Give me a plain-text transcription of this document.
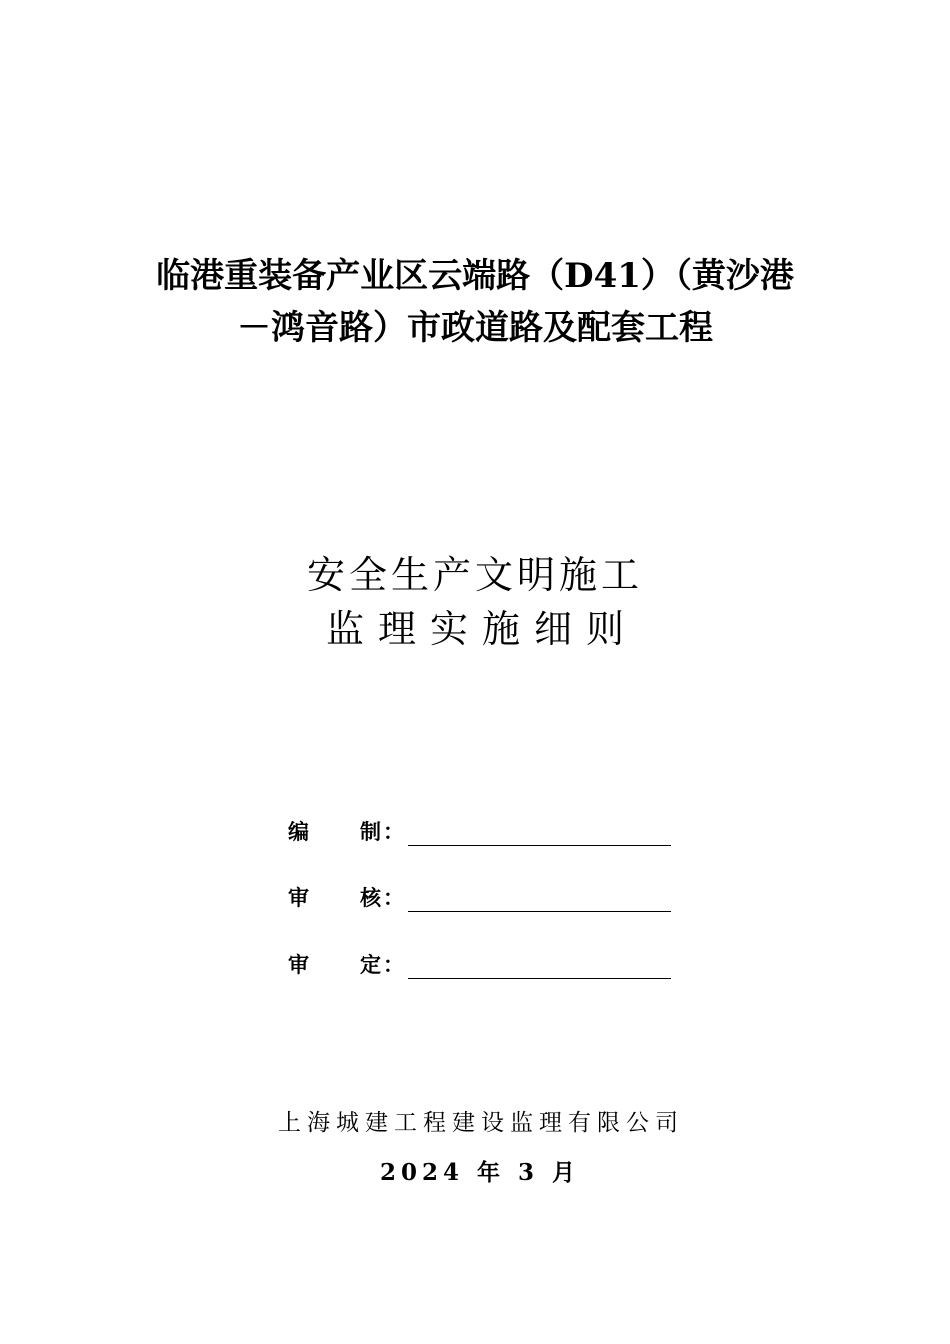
临港重装备产业区云端路（D41）（黄沙港
－鸿音路）市政道路及配套工程
安全生产文明施工
监理实施细则
编 制 ：
审 核 ：
审 定 ：
上海城建工程建设监理有限公司
2024 年 3 月
